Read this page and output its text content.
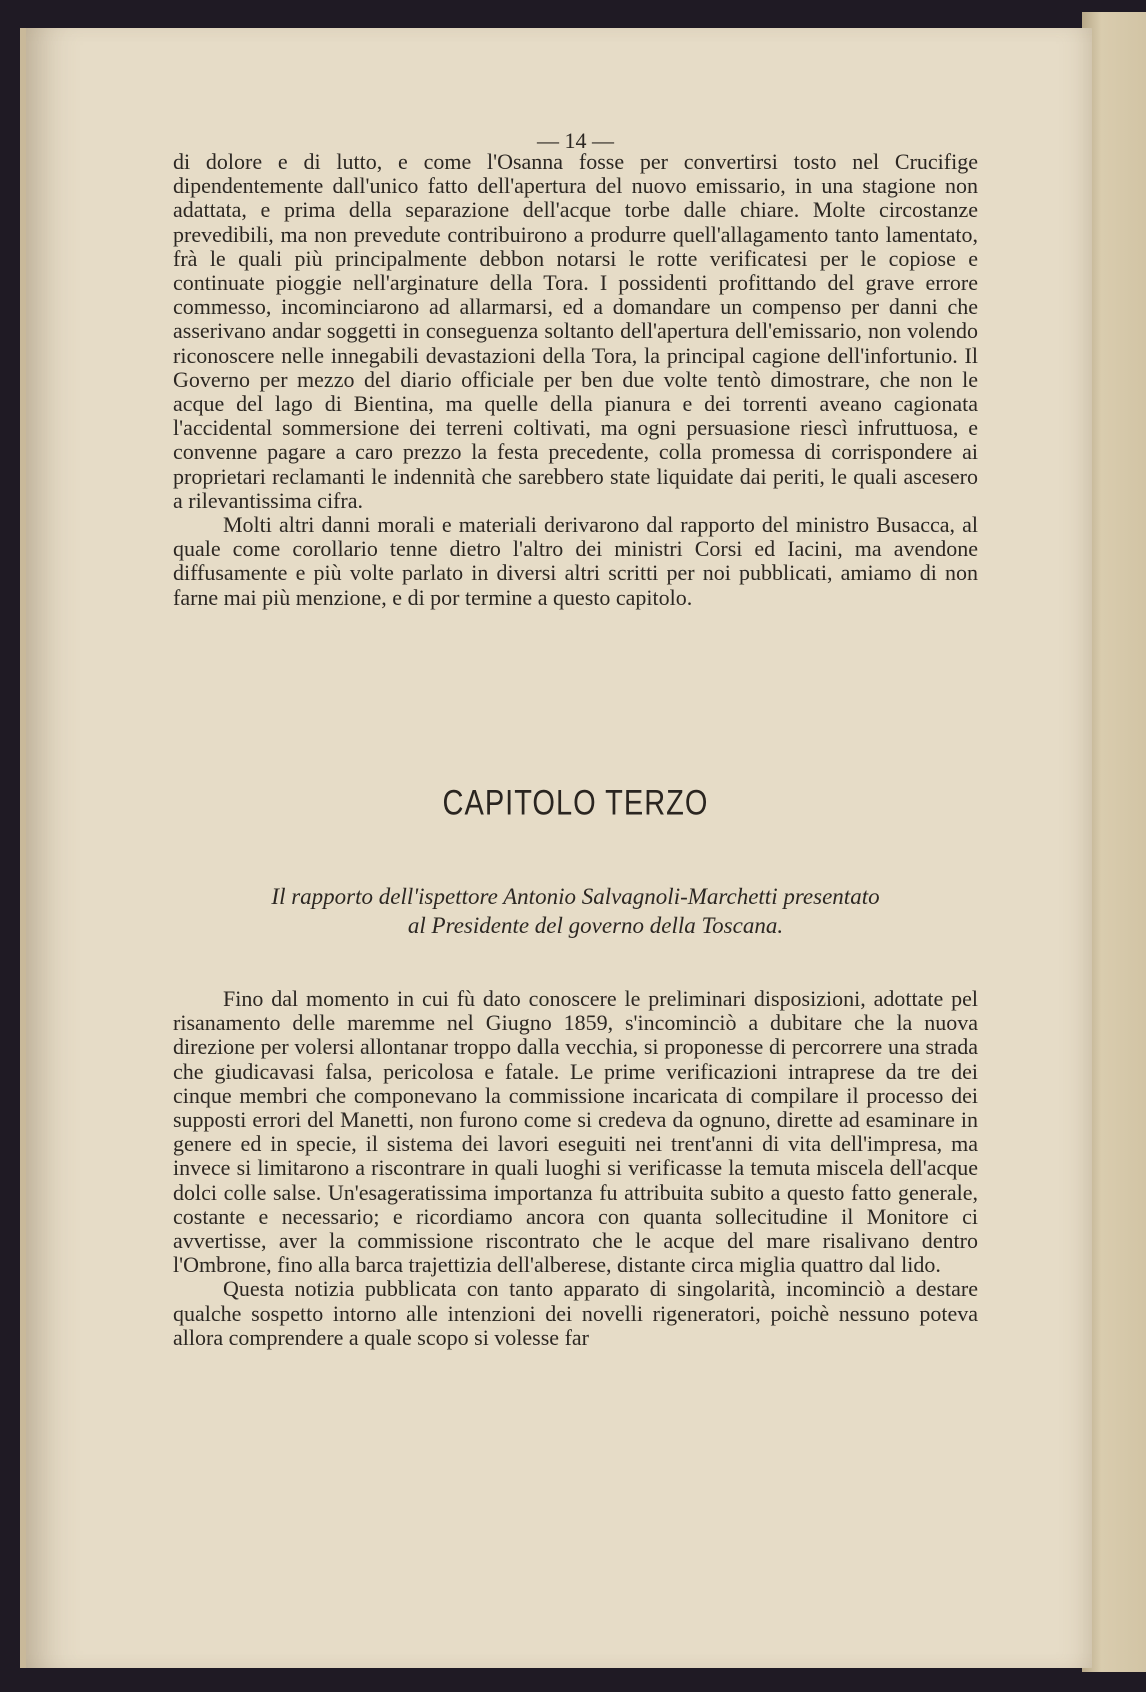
— 14 —

di dolore e di lutto, e come l'Osanna fosse per convertirsi tosto nel Crucifige dipendentemente dall'unico fatto dell'apertura del nuovo emissario, in una stagione non adattata, e prima della separazione dell'acque torbe dalle chiare. Molte circostanze prevedibili, ma non prevedute contribuirono a produrre quell'allagamento tanto lamentato, frà le quali più principalmente debbon notarsi le rotte verificatesi per le copiose e continuate pioggie nell'arginature della Tora. I possidenti profittando del grave errore commesso, incominciarono ad allarmarsi, ed a domandare un compenso per danni che asserivano andar soggetti in conseguenza soltanto dell'apertura dell'emissario, non volendo riconoscere nelle innegabili devastazioni della Tora, la principal cagione dell'infortunio. Il Governo per mezzo del diario officiale per ben due volte tentò dimostrare, che non le acque del lago di Bientina, ma quelle della pianura e dei torrenti aveano cagionata l'accidental sommersione dei terreni coltivati, ma ogni persuasione riescì infruttuosa, e convenne pagare a caro prezzo la festa precedente, colla promessa di corrispondere ai proprietari reclamanti le indennità che sarebbero state liquidate dai periti, le quali ascesero a rilevantissima cifra.

Molti altri danni morali e materiali derivarono dal rapporto del ministro Busacca, al quale come corollario tenne dietro l'altro dei ministri Corsi ed Iacini, ma avendone diffusamente e più volte parlato in diversi altri scritti per noi pubblicati, amiamo di non farne mai più menzione, e di por termine a questo capitolo.

CAPITOLO TERZO
Il rapporto dell'ispettore Antonio Salvagnoli-Marchetti presentato
al Presidente del governo della Toscana.

Fino dal momento in cui fù dato conoscere le preliminari disposizioni, adottate pel risanamento delle maremme nel Giugno 1859, s'incominciò a dubitare che la nuova direzione per volersi allontanar troppo dalla vecchia, si proponesse di percorrere una strada che giudicavasi falsa, pericolosa e fatale. Le prime verificazioni intraprese da tre dei cinque membri che componevano la commissione incaricata di compilare il processo dei supposti errori del Manetti, non furono come si credeva da ognuno, dirette ad esaminare in genere ed in specie, il sistema dei lavori eseguiti nei trent'anni di vita dell'impresa, ma invece si limitarono a riscontrare in quali luoghi si verificasse la temuta miscela dell'acque dolci colle salse. Un'esageratissima importanza fu attribuita subito a questo fatto generale, costante e necessario; e ricordiamo ancora con quanta sollecitudine il Monitore ci avvertisse, aver la commissione riscontrato che le acque del mare risalivano dentro l'Ombrone, fino alla barca trajettizia dell'alberese, distante circa miglia quattro dal lido.

Questa notizia pubblicata con tanto apparato di singolarità, incominciò a destare qualche sospetto intorno alle intenzioni dei novelli rigeneratori, poichè nessuno poteva allora comprendere a quale scopo si volesse far
